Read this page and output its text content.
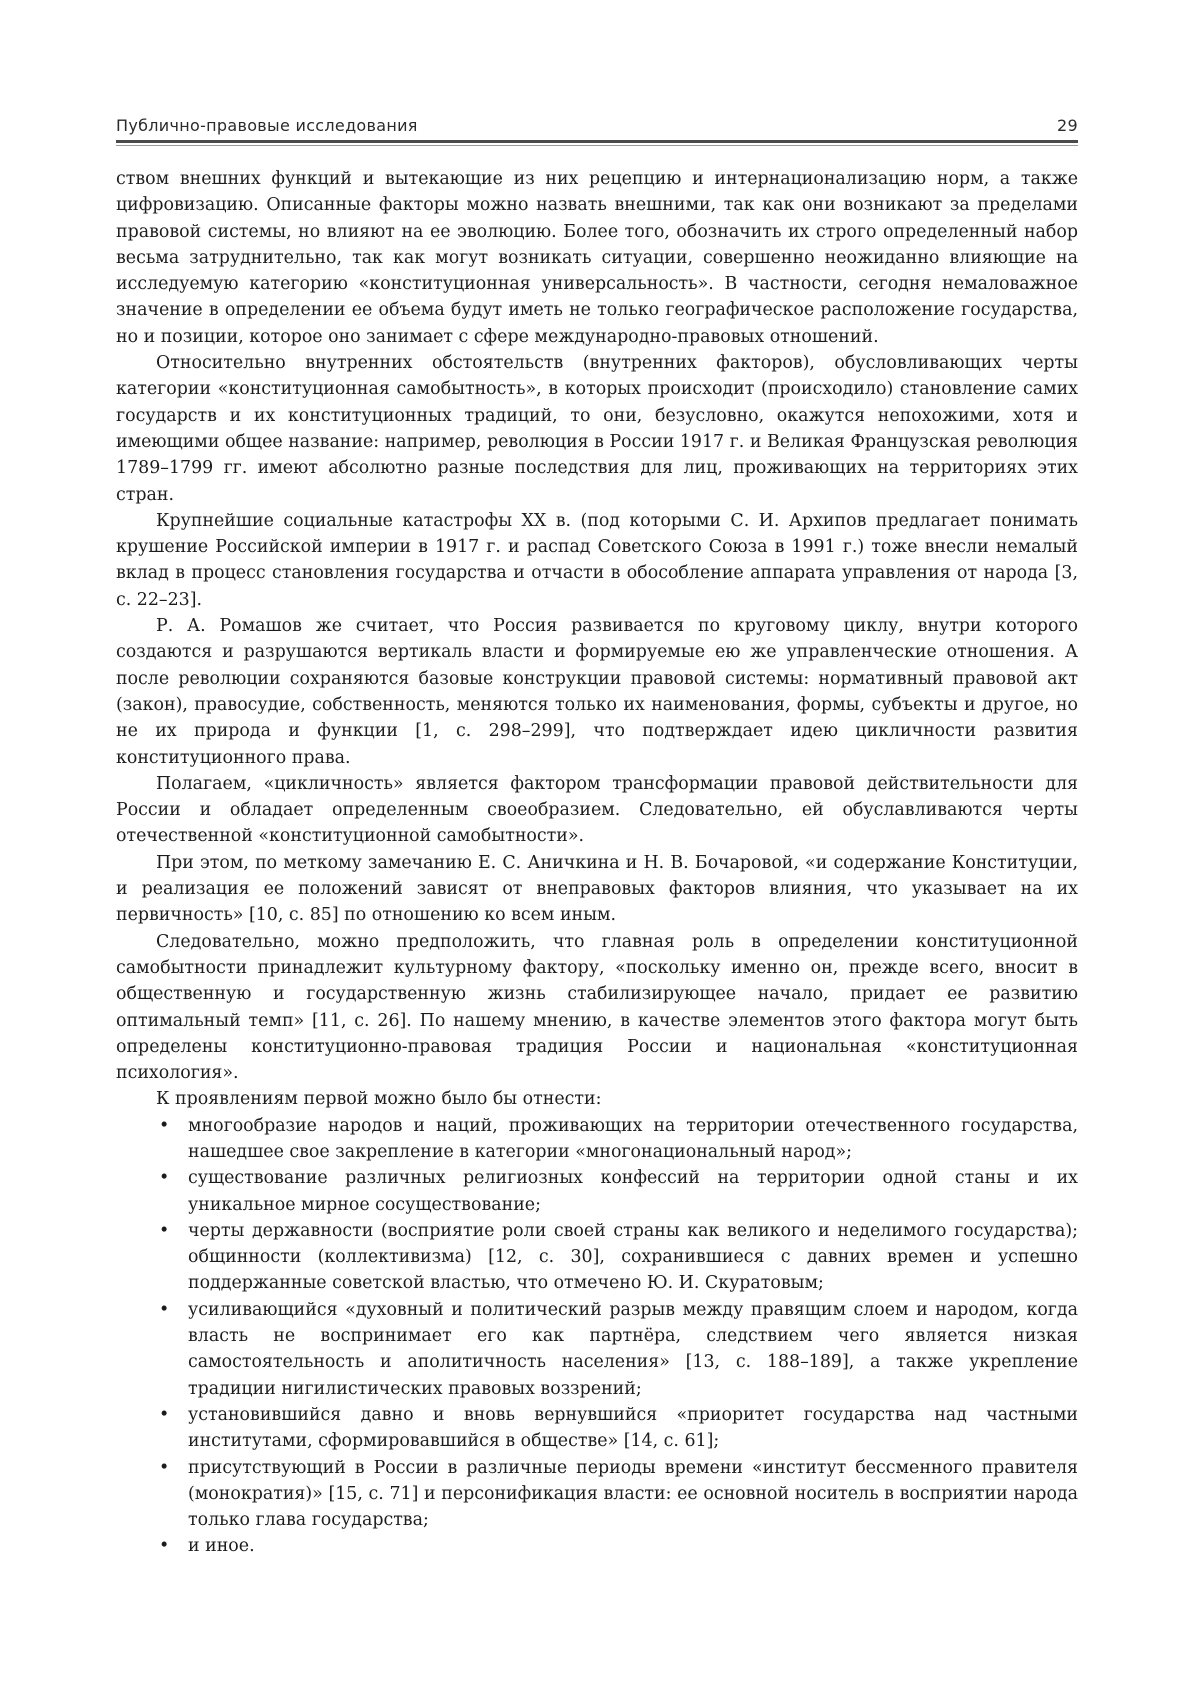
Публично-правовые исследования	29

ством внешних функций и вытекающие из них рецепцию и интернационализацию норм, а также цифровизацию. Описанные факторы можно назвать внешними, так как они возникают за пределами правовой системы, но влияют на ее эволюцию. Более того, обозначить их строго определенный набор весьма затруднительно, так как могут возникать ситуации, совершенно неожиданно влияющие на исследуемую категорию «конституционная универсальность». В частности, сегодня немаловажное значение в определении ее объема будут иметь не только географическое расположение государства, но и позиции, которое оно занимает с сфере международно-правовых отношений.

Относительно внутренних обстоятельств (внутренних факторов), обусловливающих черты категории «конституционная самобытность», в которых происходит (происходило) становление самих государств и их конституционных традиций, то они, безусловно, окажутся непохожими, хотя и имеющими общее название: например, революция в России 1917 г. и Великая Французская революция 1789–1799 гг. имеют абсолютно разные последствия для лиц, проживающих на территориях этих стран.

Крупнейшие социальные катастрофы XX в. (под которыми С. И. Архипов предлагает понимать крушение Российской империи в 1917 г. и распад Советского Союза в 1991 г.) тоже внесли немалый вклад в процесс становления государства и отчасти в обособление аппарата управления от народа [3, с. 22–23].

Р. А. Ромашов же считает, что Россия развивается по круговому циклу, внутри которого создаются и разрушаются вертикаль власти и формируемые ею же управленческие отношения. А после революции сохраняются базовые конструкции правовой системы: нормативный правовой акт (закон), правосудие, собственность, меняются только их наименования, формы, субъекты и другое, но не их природа и функции [1, с. 298–299], что подтверждает идею цикличности развития конституционного права.

Полагаем, «цикличность» является фактором трансформации правовой действительности для России и обладает определенным своеобразием. Следовательно, ей обуславливаются черты отечественной «конституционной самобытности».

При этом, по меткому замечанию Е. С. Аничкина и Н. В. Бочаровой, «и содержание Конституции, и реализация ее положений зависят от внеправовых факторов влияния, что указывает на их первичность» [10, с. 85] по отношению ко всем иным.

Следовательно, можно предположить, что главная роль в определении конституционной самобытности принадлежит культурному фактору, «поскольку именно он, прежде всего, вносит в общественную и государственную жизнь стабилизирующее начало, придает ее развитию оптимальный темп» [11, с. 26]. По нашему мнению, в качестве элементов этого фактора могут быть определены конституционно-правовая традиция России и национальная «конституционная психология».

К проявлениям первой можно было бы отнести:

• многообразие народов и наций, проживающих на территории отечественного государства, нашедшее свое закрепление в категории «многонациональный народ»;
• существование различных религиозных конфессий на территории одной станы и их уникальное мирное сосуществование;
• черты державности (восприятие роли своей страны как великого и неделимого государства); общинности (коллективизма) [12, с. 30], сохранившиеся с давних времен и успешно поддержанные советской властью, что отмечено Ю. И. Скуратовым;
• усиливающийся «духовный и политический разрыв между правящим слоем и народом, когда власть не воспринимает его как партнёра, следствием чего является низкая самостоятельность и аполитичность населения» [13, с. 188–189], а также укрепление традиции нигилистических правовых воззрений;
• установившийся давно и вновь вернувшийся «приоритет государства над частными институтами, сформировавшийся в обществе» [14, с. 61];
• присутствующий в России в различные периоды времени «институт бессменного правителя (монократия)» [15, с. 71] и персонификация власти: ее основной носитель в восприятии народа только глава государства;
• и иное.
